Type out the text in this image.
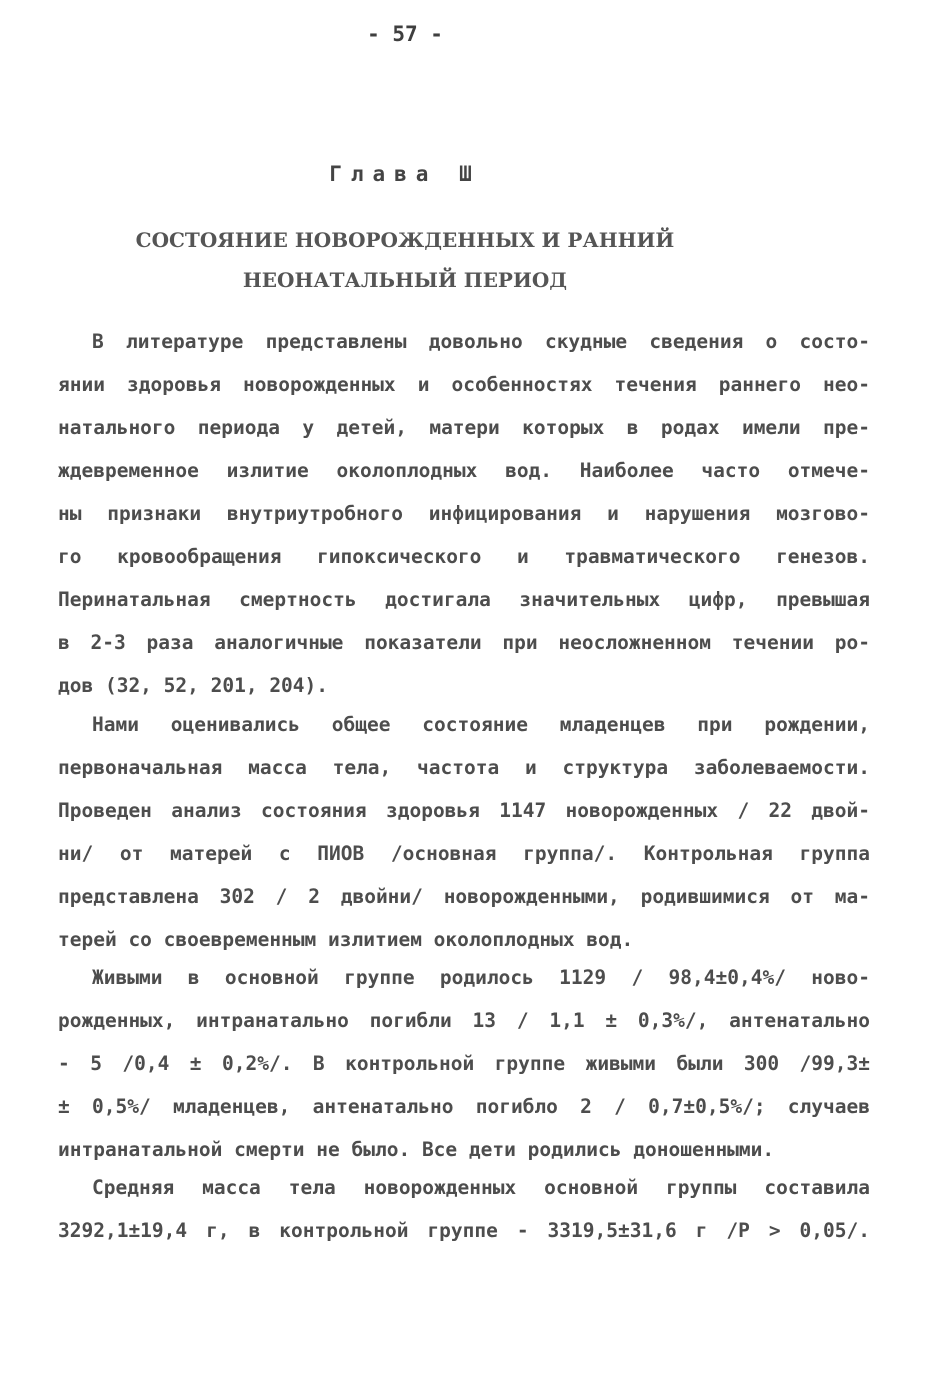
- 57 -
Глава Ш
СОСТОЯНИЕ НОВОРОЖДЕННЫХ И РАННИЙ
НЕОНАТАЛЬНЫЙ ПЕРИОД
В литературе представлены довольно скудные сведения о состо-
янии здоровья новорожденных и особенностях течения раннего нео-
натального периода у детей, матери которых в родах имели пре-
ждевременное излитие околоплодных вод. Наиболее часто отмече-
ны признаки внутриутробного инфицирования и нарушения мозгово-
го кровообращения гипоксического и травматического генезов.
Перинатальная смертность достигала значительных цифр, превышая
в 2-3 раза аналогичные показатели при неосложненном течении ро-
дов (32, 52, 201, 204).
Нами оценивались общее состояние младенцев при рождении,
первоначальная масса тела, частота и структура заболеваемости.
Проведен анализ состояния здоровья 1147 новорожденных / 22 двой-
ни/ от матерей с ПИОВ /основная группа/. Контрольная группа
представлена 302 / 2 двойни/ новорожденными, родившимися от ма-
терей со своевременным излитием околоплодных вод.
Живыми в основной группе родилось 1129 / 98,4±0,4%/ ново-
рожденных, интранатально погибли 13 / 1,1 ± 0,3%/, антенатально
- 5 /0,4 ± 0,2%/. В контрольной группе живыми были 300 /99,3±
± 0,5%/ младенцев, антенатально погибло 2 / 0,7±0,5%/; случаев
интранатальной смерти не было. Все дети родились доношенными.
Средняя масса тела новорожденных основной группы составила
3292,1±19,4 г, в контрольной группе - 3319,5±31,6 г /Р > 0,05/.
